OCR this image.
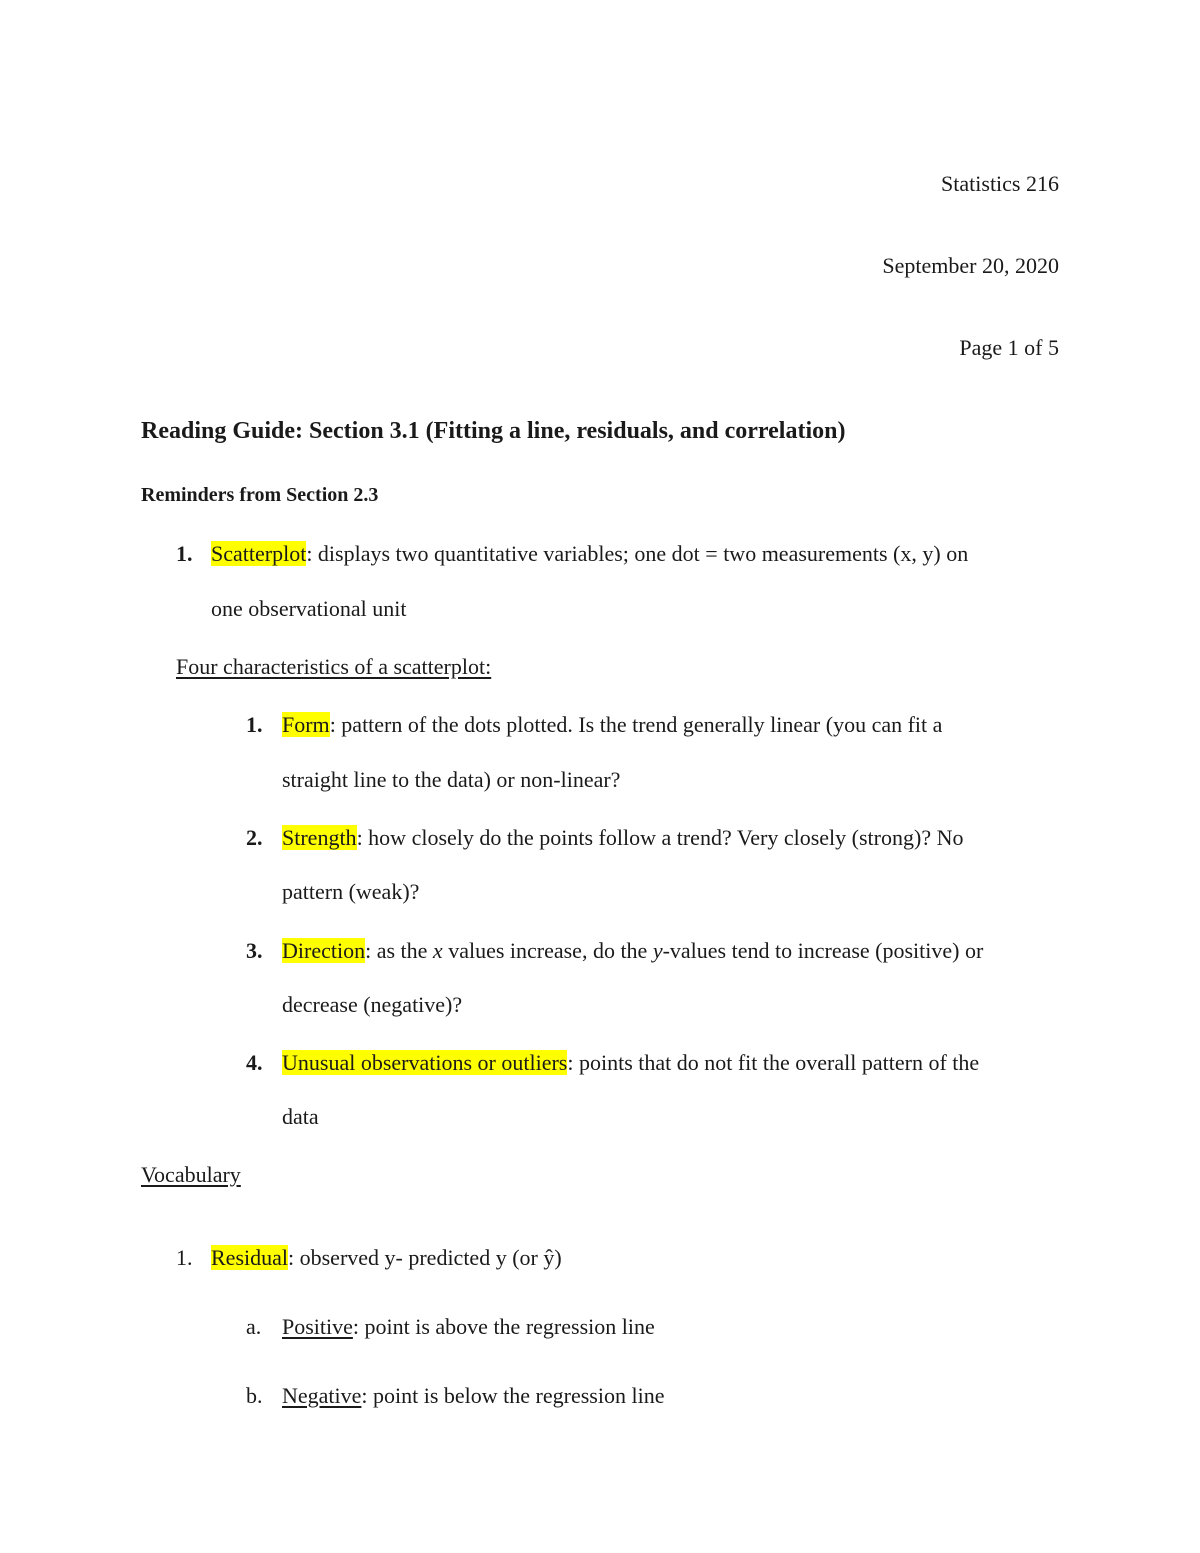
Statistics 216
September 20, 2020
Page 1 of 5
Reading Guide: Section 3.1 (Fitting a line, residuals, and correlation)
Reminders from Section 2.3
1. Scatterplot: displays two quantitative variables; one dot = two measurements (x, y) on
one observational unit
Four characteristics of a scatterplot:
1. Form: pattern of the dots plotted. Is the trend generally linear (you can fit a
straight line to the data) or non-linear?
2. Strength: how closely do the points follow a trend? Very closely (strong)? No
pattern (weak)?
3. Direction: as the x values increase, do the y-values tend to increase (positive) or
decrease (negative)?
4. Unusual observations or outliers: points that do not fit the overall pattern of the
data
Vocabulary
1. Residual: observed y- predicted y (or ŷ)
a. Positive: point is above the regression line
b. Negative: point is below the regression line
